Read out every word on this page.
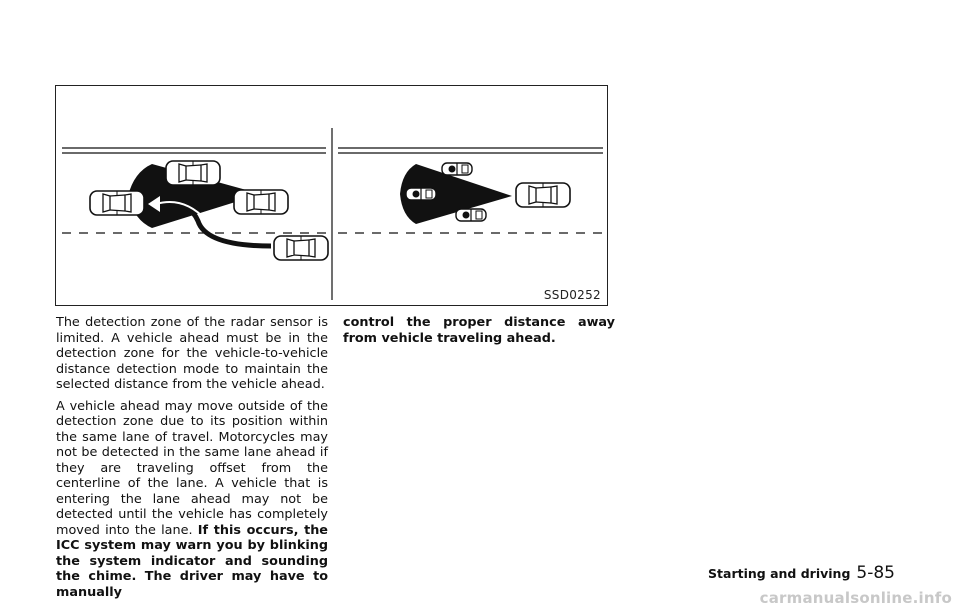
SSD0252

The detection zone of the radar sensor is limited. A vehicle ahead must be in the detection zone for the vehicle-to-vehicle distance detection mode to maintain the selected distance from the vehicle ahead.

A vehicle ahead may move outside of the detection zone due to its position within the same lane of travel. Motorcycles may not be detected in the same lane ahead if they are traveling offset from the centerline of the lane. A vehicle that is entering the lane ahead may not be detected until the vehicle has completely moved into the lane. If this occurs, the ICC system may warn you by blinking the system indicator and sounding the chime. The driver may have to manually

control the proper distance away from vehicle traveling ahead.

Starting and driving 5-85
carmanualsonline.info
